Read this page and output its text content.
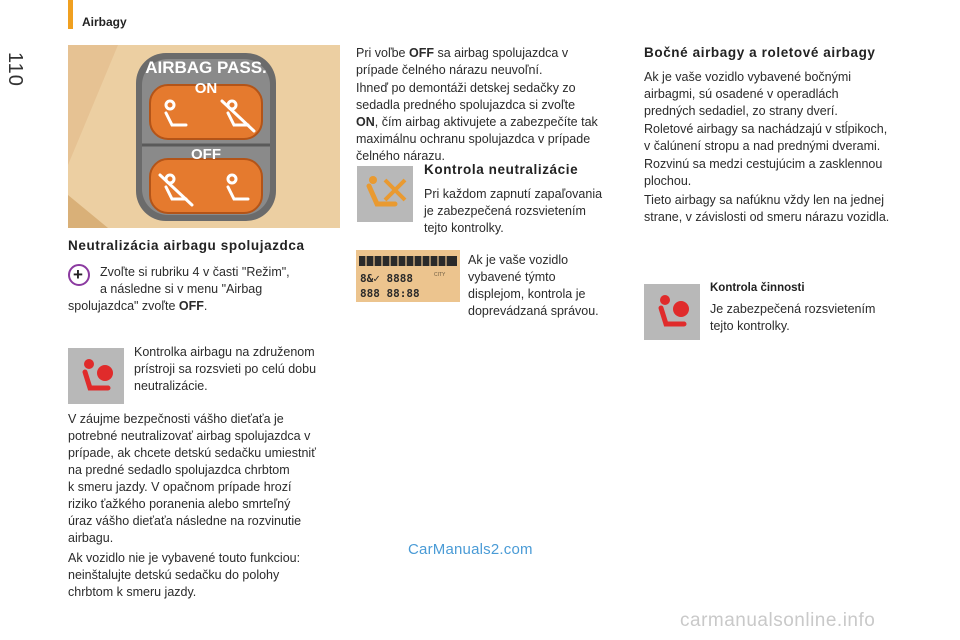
Airbagy
110	AIRBAG PASS.
ON
OFF
Neutralizácia airbagu spolujazdca
+ Zvoľte si rubriku 4 v časti "Režim",

a následne si v menu "Airbag

spolujazdca" zvoľte OFF.

Kontrolka airbagu na združenom

prístroji sa rozsvieti po celú dobu

neutralizácie.

V záujme bezpečnosti vášho dieťaťa je

potrebné neutralizovať airbag spolujazdca v

prípade, ak chcete detskú sedačku umiestniť

na predné sedadlo spolujazdca chrbtom

k smeru jazdy. V opačnom prípade hrozí

riziko ťažkého poranenia alebo smrteľný

úraz vášho dieťaťa následne na rozvinutie

airbagu.

Ak vozidlo nie je vybavené touto funkciou:

neinštalujte detskú sedačku do polohy

chrbtom k smeru jazdy.

Pri voľbe OFF sa airbag spolujazdca v

prípade čelného nárazu neuvoľní.

Ihneď po demontáži detskej sedačky zo

sedadla predného spolujazdca si zvoľte

ON, čím airbag aktivujete a zabezpečíte tak

maximálnu ochranu spolujazdca v prípade

čelného nárazu.

Kontrola neutralizácie

Pri každom zapnutí zapaľovania

je zabezpečená rozsvietením

tejto kontrolky.

8&✓ 8888
888 88:88
CITY

Ak je vaše vozidlo

vybavené týmto

displejom, kontrola je

doprevádzaná správou.

Bočné airbagy a roletové airbagy

Ak je vaše vozidlo vybavené bočnými

airbagmi, sú osadené v operadlách

predných sedadiel, zo strany dverí.

Roletové airbagy sa nachádzajú v stĺpikoch,

v čalúnení stropu a nad prednými dverami.

Rozvinú sa medzi cestujúcim a zasklennou

plochou.

Tieto airbagy sa nafúknu vždy len na jednej

strane, v závislosti od smeru nárazu vozidla.

Kontrola činnosti

Je zabezpečená rozsvietením

tejto kontrolky.

CarManuals2.com
carmanualsonline.info
